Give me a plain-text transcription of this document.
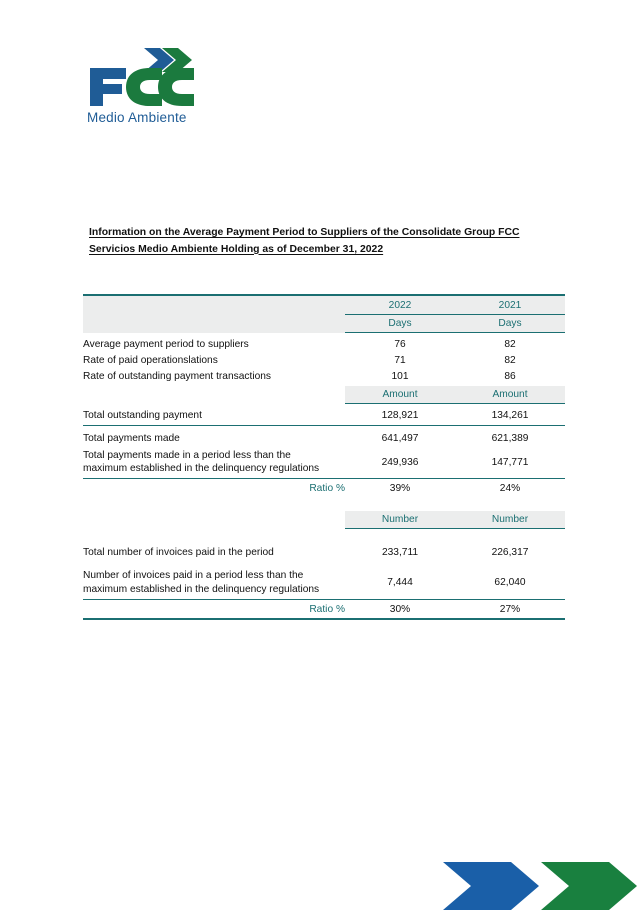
Medio Ambiente
Information on the Average Payment Period to Suppliers of the Consolidate Group FCC Servicios Medio Ambiente Holding as of December 31, 2022
	2022	2021
	Days	Days
Average payment period to suppliers	76	82
Rate of paid operationslations	71	82
Rate of outstanding payment transactions	101	86
	Amount	Amount
Total outstanding payment	128,921	134,261
Total payments made	641,497	621,389

Total payments made in a period less than the
maximum established in the delinquency regulations	249,936	147,771
Ratio %	39%	24%

	Number	Number

Total number of invoices paid in the period	233,711	226,317

Number of invoices paid in a period less than the
maximum established in the delinquency regulations	7,444	62,040
Ratio %	30%	27%
